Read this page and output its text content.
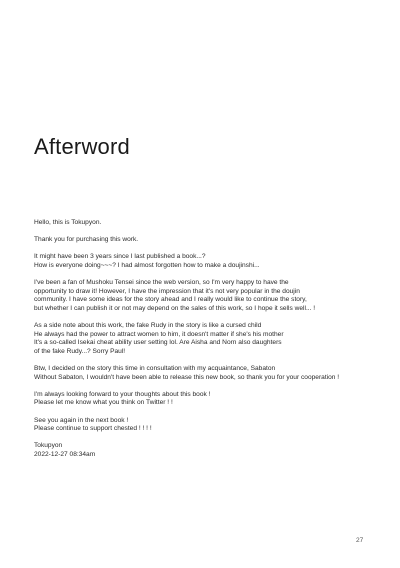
Afterword

Hello, this is Tokupyon.

Thank you for purchasing this work.

It might have been 3 years since I last published a book...?
How is everyone doing~~~? I had almost forgotten how to make a doujinshi...

I've been a fan of Mushoku Tensei since the web version, so I'm very happy to have the
opportunity to draw it! However, I have the impression that it's not very popular in the doujin
community. I have some ideas for the story ahead and I really would like to continue the story,
but whether I can publish it or not may depend on the sales of this work, so I hope it sells well... !

As a side note about this work, the fake Rudy in the story is like a cursed child
He always had the power to attract women to him, it doesn't matter if she's his mother
It's a so-called Isekai cheat ability user setting lol. Are Aisha and Norn also daughters
of the fake Rudy...? Sorry Paul!

Btw, I decided on the story this time in consultation with my acquaintance, Sabaton
Without Sabaton, I wouldn't have been able to release this new book, so thank you for your cooperation !

I'm always looking forward to your thoughts about this book !
Please let me know what you think on Twitter ! !

See you again in the next book !
Please continue to support chested ! ! ! !

Tokupyon
2022-12-27 08:34am

27
